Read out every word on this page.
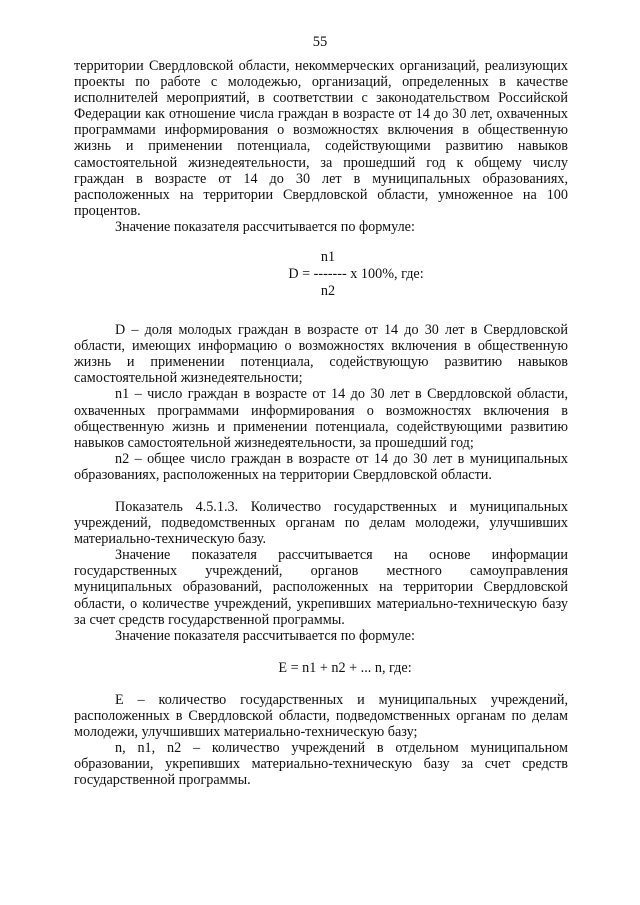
55

территории Свердловской области, некоммерческих организаций, реализующих проекты по работе с молодежью, организаций, определенных в качестве исполнителей мероприятий, в соответствии с законодательством Российской Федерации как отношение числа граждан в возрасте от 14 до 30 лет, охваченных программами информирования о возможностях включения в общественную жизнь и применении потенциала, содействующими развитию навыков самостоятельной жизнедеятельности, за прошедший год к общему числу граждан в возрасте от 14 до 30 лет в муниципальных образованиях, расположенных на территории Свердловской области, умноженное на 100 процентов.

Значение показателя рассчитывается по формуле:

n1
D = ------- x 100%, где:
n2

D – доля молодых граждан в возрасте от 14 до 30 лет в Свердловской области, имеющих информацию о возможностях включения в общественную жизнь и применении потенциала, содействующую развитию навыков самостоятельной жизнедеятельности;

n1 – число граждан в возрасте от 14 до 30 лет в Свердловской области, охваченных программами информирования о возможностях включения в общественную жизнь и применении потенциала, содействующими развитию навыков самостоятельной жизнедеятельности, за прошедший год;

n2 – общее число граждан в возрасте от 14 до 30 лет в муниципальных образованиях, расположенных на территории Свердловской области.

Показатель 4.5.1.3. Количество государственных и муниципальных учреждений, подведомственных органам по делам молодежи, улучшивших материально-техническую базу.

Значение показателя рассчитывается на основе информации государственных учреждений, органов местного самоуправления муниципальных образований, расположенных на территории Свердловской области, о количестве учреждений, укрепивших материально-техническую базу за счет средств государственной программы.

Значение показателя рассчитывается по формуле:

E = n1 + n2 + ... n, где:

E – количество государственных и муниципальных учреждений, расположенных в Свердловской области, подведомственных органам по делам молодежи, улучшивших материально-техническую базу;

n, n1, n2 – количество учреждений в отдельном муниципальном образовании, укрепивших материально-техническую базу за счет средств государственной программы.
